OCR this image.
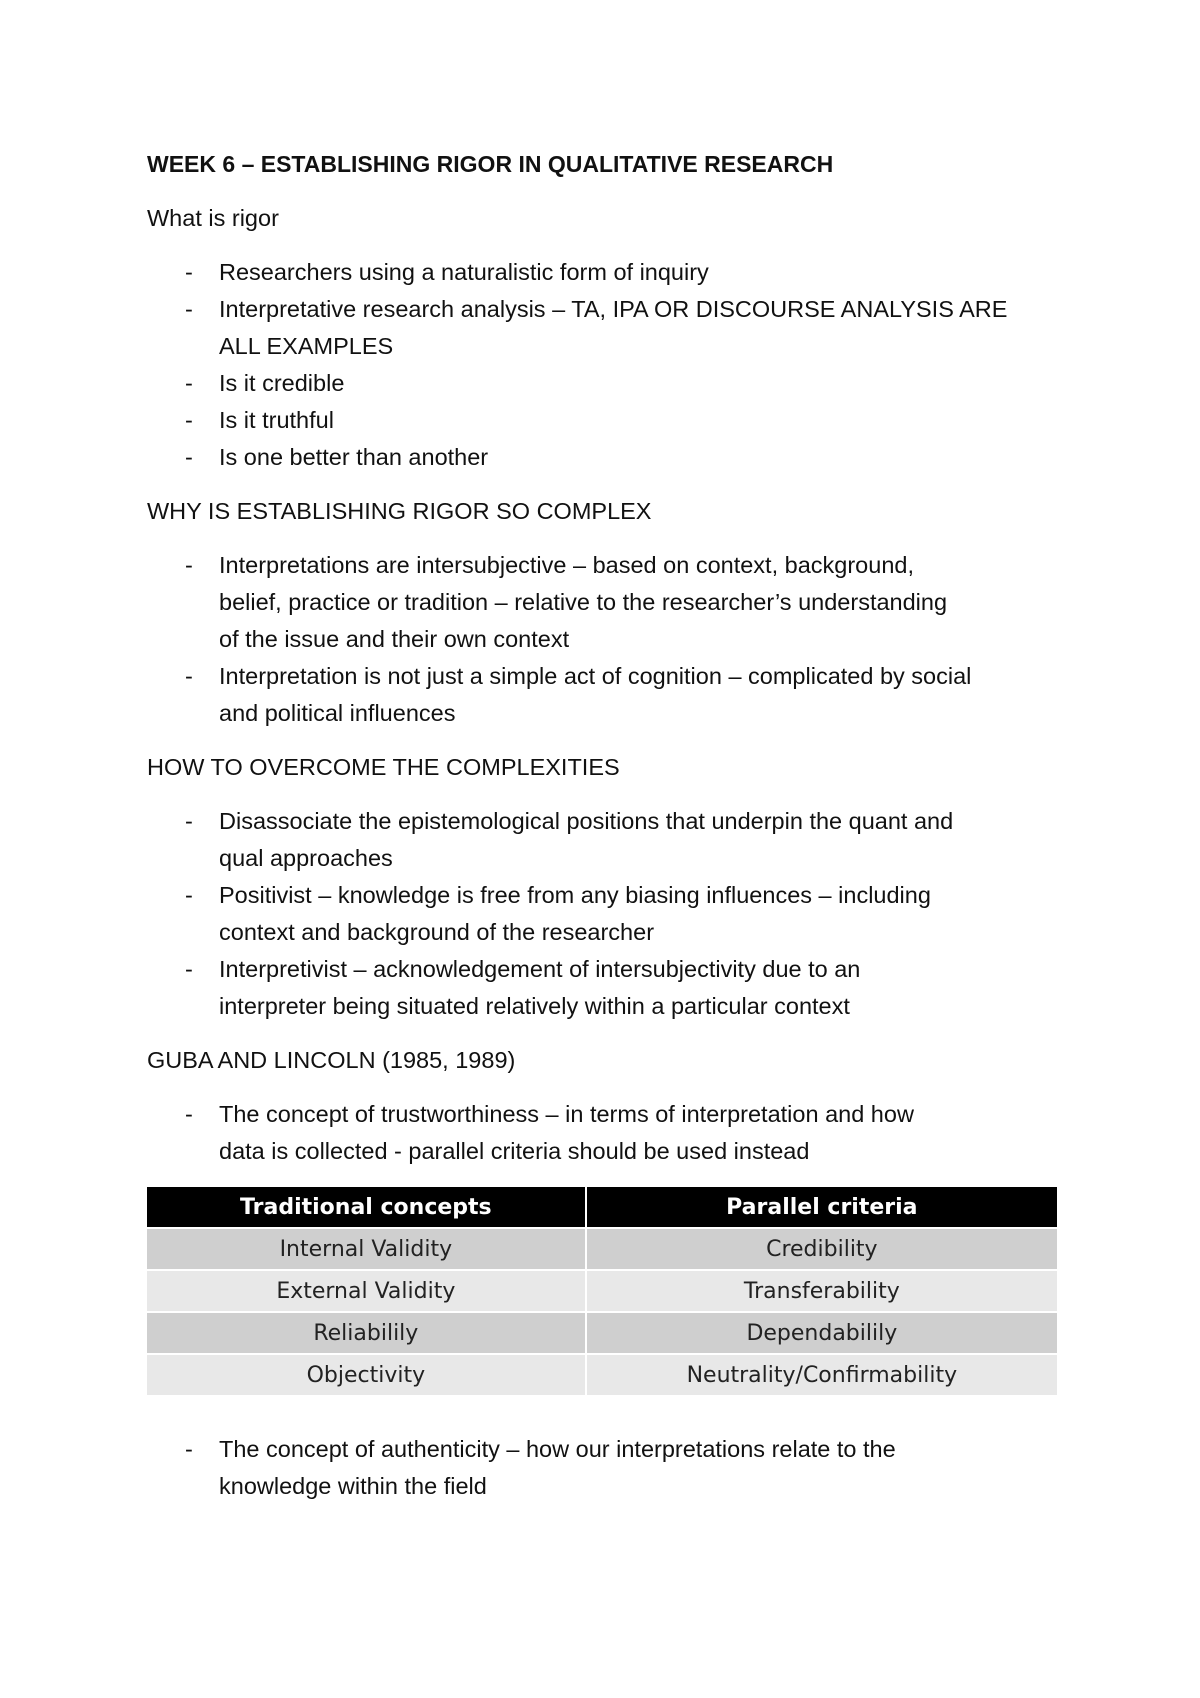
WEEK 6 – ESTABLISHING RIGOR IN QUALITATIVE RESEARCH
What is rigor
- Researchers using a naturalistic form of inquiry
- Interpretative research analysis – TA, IPA OR DISCOURSE ANALYSIS ARE
ALL EXAMPLES
- Is it credible
- Is it truthful
- Is one better than another
WHY IS ESTABLISHING RIGOR SO COMPLEX
- Interpretations are intersubjective – based on context, background,
belief, practice or tradition – relative to the researcher’s understanding
of the issue and their own context
- Interpretation is not just a simple act of cognition – complicated by social
and political influences
HOW TO OVERCOME THE COMPLEXITIES
- Disassociate the epistemological positions that underpin the quant and
qual approaches
- Positivist – knowledge is free from any biasing influences – including
context and background of the researcher
- Interpretivist – acknowledgement of intersubjectivity due to an
interpreter being situated relatively within a particular context
GUBA AND LINCOLN (1985, 1989)
- The concept of trustworthiness – in terms of interpretation and how
data is collected - parallel criteria should be used instead
Traditional concepts	Parallel criteria
Internal Validity	Credibility
External Validity	Transferability
Reliabilily	Dependabilily
Objectivity	Neutrality/Confirmability
- The concept of authenticity – how our interpretations relate to the
knowledge within the field
